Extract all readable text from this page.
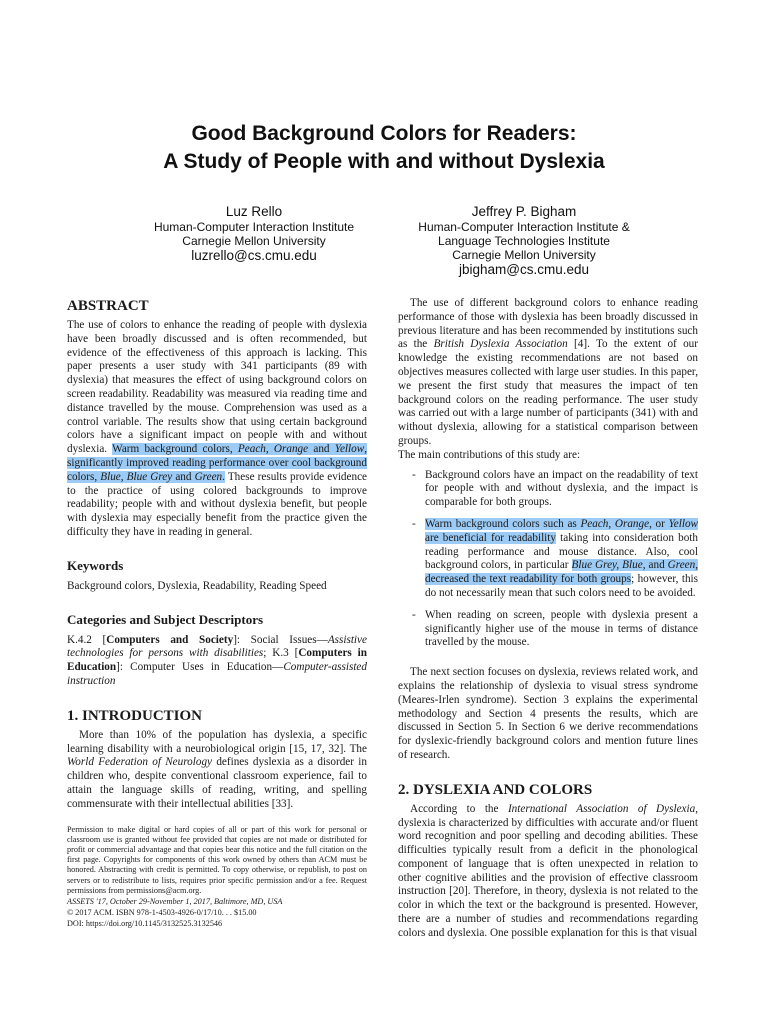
Good Background Colors for Readers:
A Study of People with and without Dyslexia
Luz Rello
Human-Computer Interaction Institute
Carnegie Mellon University
luzrello@cs.cmu.edu
Jeffrey P. Bigham
Human-Computer Interaction Institute &
Language Technologies Institute
Carnegie Mellon University
jbigham@cs.cmu.edu
ABSTRACT

The use of colors to enhance the reading of people with dyslexia have been broadly discussed and is often recommended, but evidence of the effectiveness of this approach is lacking. This paper presents a user study with 341 participants (89 with dyslexia) that measures the effect of using background colors on screen readability. Readability was measured via reading time and distance travelled by the mouse. Comprehension was used as a control variable. The results show that using certain background colors have a significant impact on people with and without dyslexia. Warm background colors, Peach, Orange and Yellow, significantly improved reading performance over cool background colors, Blue, Blue Grey and Green. These results provide evidence to the practice of using colored backgrounds to improve readability; people with and without dyslexia benefit, but people with dyslexia may especially benefit from the practice given the difficulty they have in reading in general.

Keywords

Background colors, Dyslexia, Readability, Reading Speed

Categories and Subject Descriptors

K.4.2 [Computers and Society]: Social Issues—Assistive technologies for persons with disabilities; K.3 [Computers in Education]: Computer Uses in Education—Computer-assisted instruction

1. INTRODUCTION

More than 10% of the population has dyslexia, a specific learning disability with a neurobiological origin [15, 17, 32]. The World Federation of Neurology defines dyslexia as a disorder in children who, despite conventional classroom experience, fail to attain the language skills of reading, writing, and spelling commensurate with their intellectual abilities [33].

Permission to make digital or hard copies of all or part of this work for personal or classroom use is granted without fee provided that copies are not made or distributed for profit or commercial advantage and that copies bear this notice and the full citation on the first page. Copyrights for components of this work owned by others than ACM must be honored. Abstracting with credit is permitted. To copy otherwise, or republish, to post on servers or to redistribute to lists, requires prior specific permission and/or a fee. Request permissions from permissions@acm.org.

ASSETS '17, October 29-November 1, 2017, Baltimore, MD, USA
© 2017 ACM. ISBN 978-1-4503-4926-0/17/10. . . $15.00
DOI: https://doi.org/10.1145/3132525.3132546

The use of different background colors to enhance reading performance of those with dyslexia has been broadly discussed in previous literature and has been recommended by institutions such as the British Dyslexia Association [4]. To the extent of our knowledge the existing recommendations are not based on objectives measures collected with large user studies. In this paper, we present the first study that measures the impact of ten background colors on the reading performance. The user study was carried out with a large number of participants (341) with and without dyslexia, allowing for a statistical comparison between groups.

The main contributions of this study are:

- Background colors have an impact on the readability of text for people with and without dyslexia, and the impact is comparable for both groups.
- Warm background colors such as Peach, Orange, or Yellow are beneficial for readability taking into consideration both reading performance and mouse distance. Also, cool background colors, in particular Blue Grey, Blue, and Green, decreased the text readability for both groups; however, this do not necessarily mean that such colors need to be avoided.
- When reading on screen, people with dyslexia present a significantly higher use of the mouse in terms of distance travelled by the mouse.

The next section focuses on dyslexia, reviews related work, and explains the relationship of dyslexia to visual stress syndrome (Meares-Irlen syndrome). Section 3 explains the experimental methodology and Section 4 presents the results, which are discussed in Section 5. In Section 6 we derive recommendations for dyslexic-friendly background colors and mention future lines of research.

2. DYSLEXIA AND COLORS

According to the International Association of Dyslexia, dyslexia is characterized by difficulties with accurate and/or fluent word recognition and poor spelling and decoding abilities. These difficulties typically result from a deficit in the phonological component of language that is often unexpected in relation to other cognitive abilities and the provision of effective classroom instruction [20]. Therefore, in theory, dyslexia is not related to the color in which the text or the background is presented. However, there are a number of studies and recommendations regarding colors and dyslexia. One possible explanation for this is that visual
